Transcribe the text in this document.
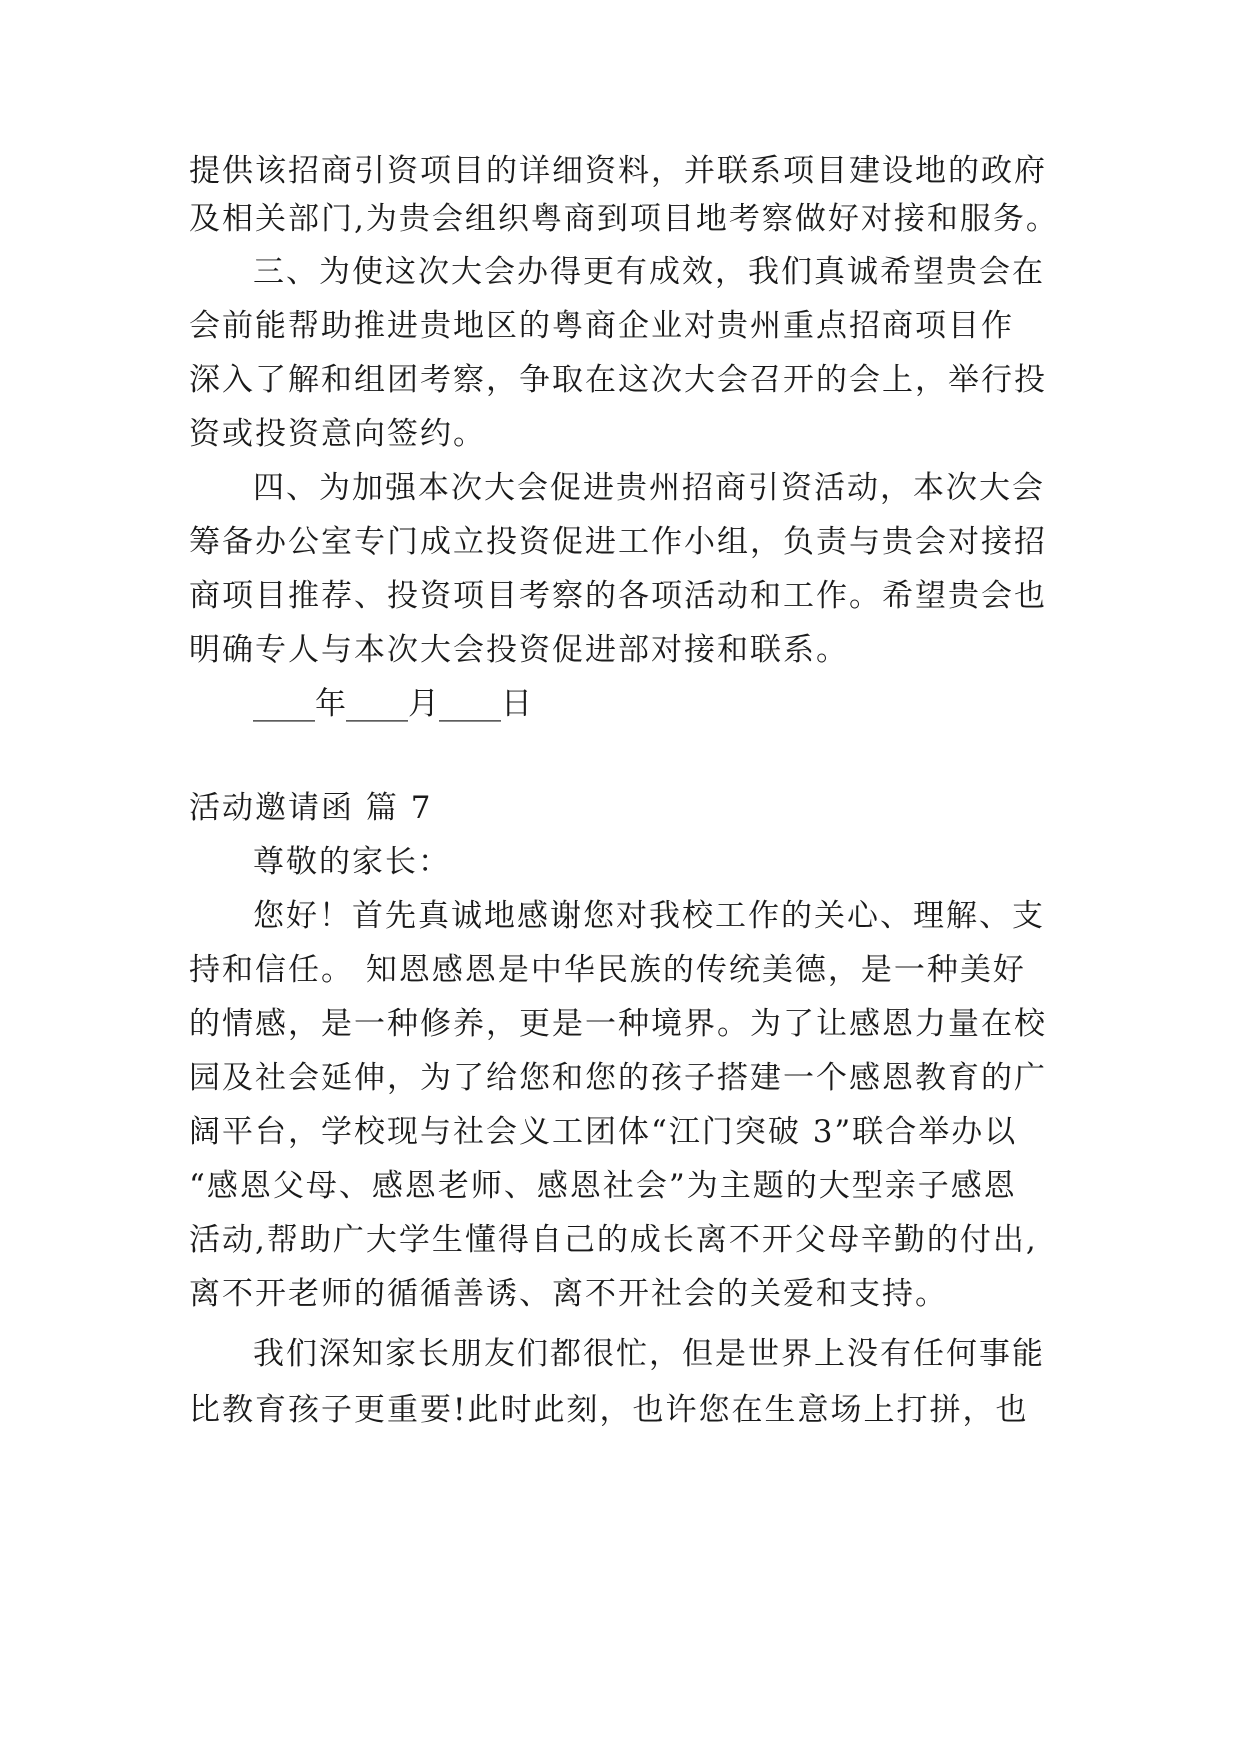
提供该招商引资项目的详细资料，并联系项目建设地的政府
及相关部门,为贵会组织粤商到项目地考察做好对接和服务。
三、为使这次大会办得更有成效，我们真诚希望贵会在
会前能帮助推进贵地区的粤商企业对贵州重点招商项目作
深入了解和组团考察，争取在这次大会召开的会上，举行投
资或投资意向签约。
四、为加强本次大会促进贵州招商引资活动，本次大会
筹备办公室专门成立投资促进工作小组，负责与贵会对接招
商项目推荐、投资项目考察的各项活动和工作。希望贵会也
明确专人与本次大会投资促进部对接和联系。
____年____月____日
活动邀请函 篇 7
尊敬的家长：
您好！首先真诚地感谢您对我校工作的关心、理解、支
持和信任。 知恩感恩是中华民族的传统美德，是一种美好
的情感，是一种修养，更是一种境界。为了让感恩力量在校
园及社会延伸，为了给您和您的孩子搭建一个感恩教育的广
阔平台，学校现与社会义工团体“江门突破 3”联合举办以
“感恩父母、感恩老师、感恩社会”为主题的大型亲子感恩
活动,帮助广大学生懂得自己的成长离不开父母辛勤的付出,
离不开老师的循循善诱、离不开社会的关爱和支持。
我们深知家长朋友们都很忙，但是世界上没有任何事能
比教育孩子更重要!此时此刻，也许您在生意场上打拼，也
